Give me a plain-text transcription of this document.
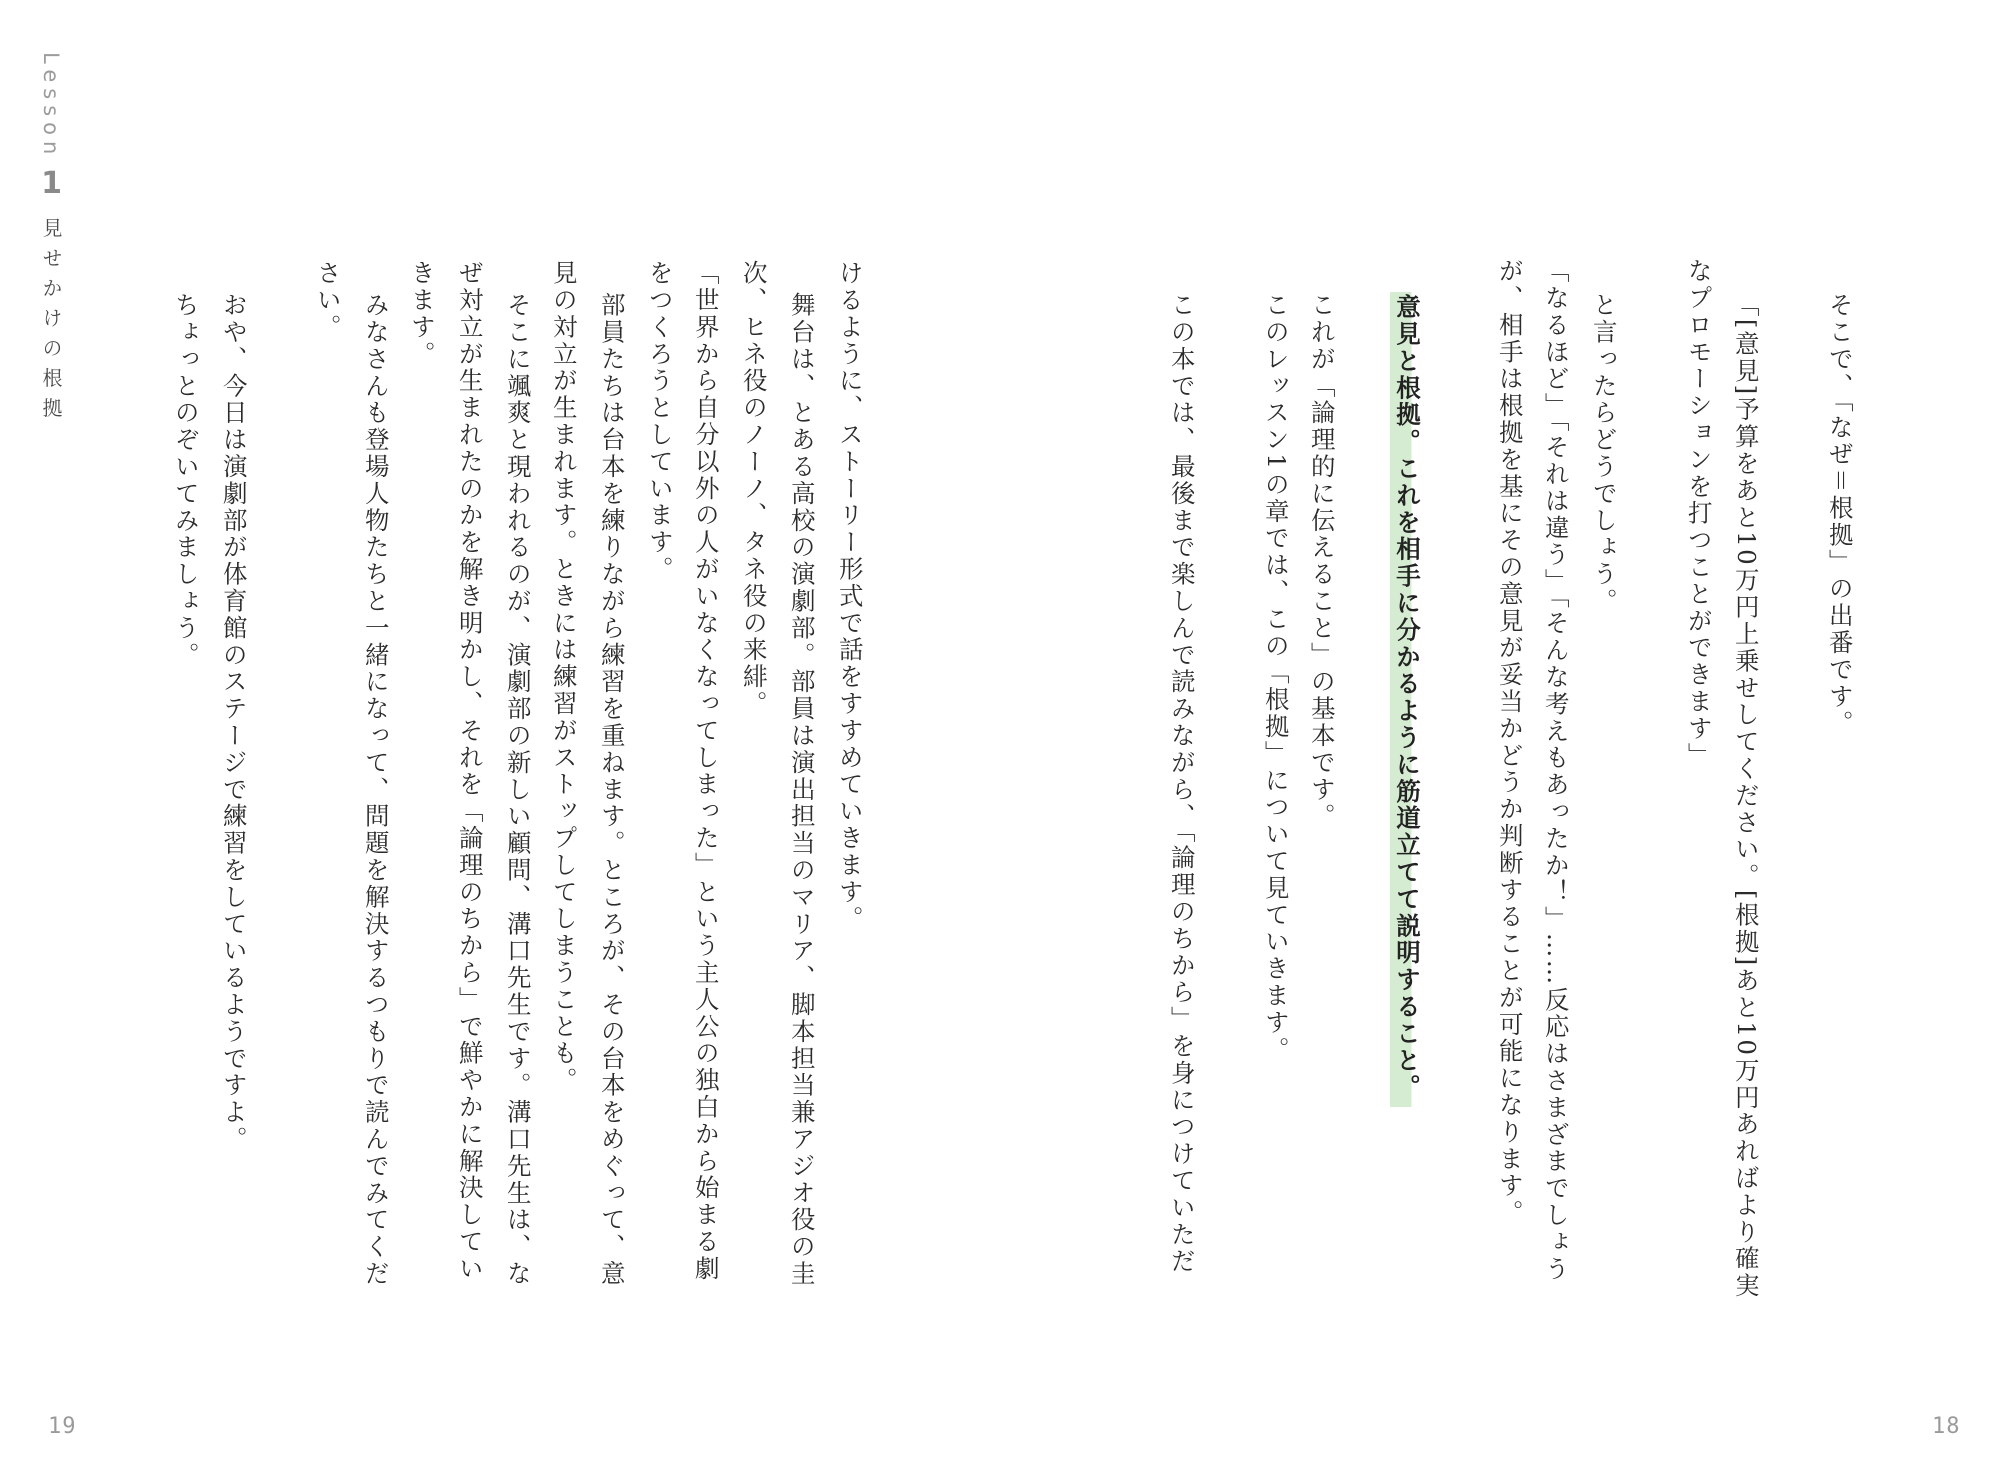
Lesson1見せかけの根拠	そこで、「なぜ＝根拠」の出番です。
「[意見]予算をあと10万円上乗せしてください。[根拠]あと10万円あればより確実
なプロモーションを打つことができます」
と言ったらどうでしょう。
「なるほど」「それは違う」「そんな考えもあったか！」……反応はさまざまでしょう
が、相手は根拠を基にその意見が妥当かどうか判断することが可能になります。
意見と根拠。これを相手に分かるように筋道立てて説明すること。
これが「論理的に伝えること」の基本です。
このレッスン1の章では、この「根拠」について見ていきます。
この本では、最後まで楽しんで読みながら、「論理のちから」を身につけていただ
けるように、ストーリー形式で話をすすめていきます。
舞台は、とある高校の演劇部。部員は演出担当のマリア、脚本担当兼アジオ役の圭
次、ヒネ役のノーノ、タネ役の来緋。
「世界から自分以外の人がいなくなってしまった」という主人公の独白から始まる劇
をつくろうとしています。
部員たちは台本を練りながら練習を重ねます。ところが、その台本をめぐって、意
見の対立が生まれます。ときには練習がストップしてしまうことも。
そこに颯爽と現われるのが、演劇部の新しい顧問、溝口先生です。溝口先生は、な
ぜ対立が生まれたのかを解き明かし、それを「論理のちから」で鮮やかに解決してい
きます。
みなさんも登場人物たちと一緒になって、問題を解決するつもりで読んでみてくだ
さい。
おや、今日は演劇部が体育館のステージで練習をしているようですよ。
ちょっとのぞいてみましょう。
19	18
